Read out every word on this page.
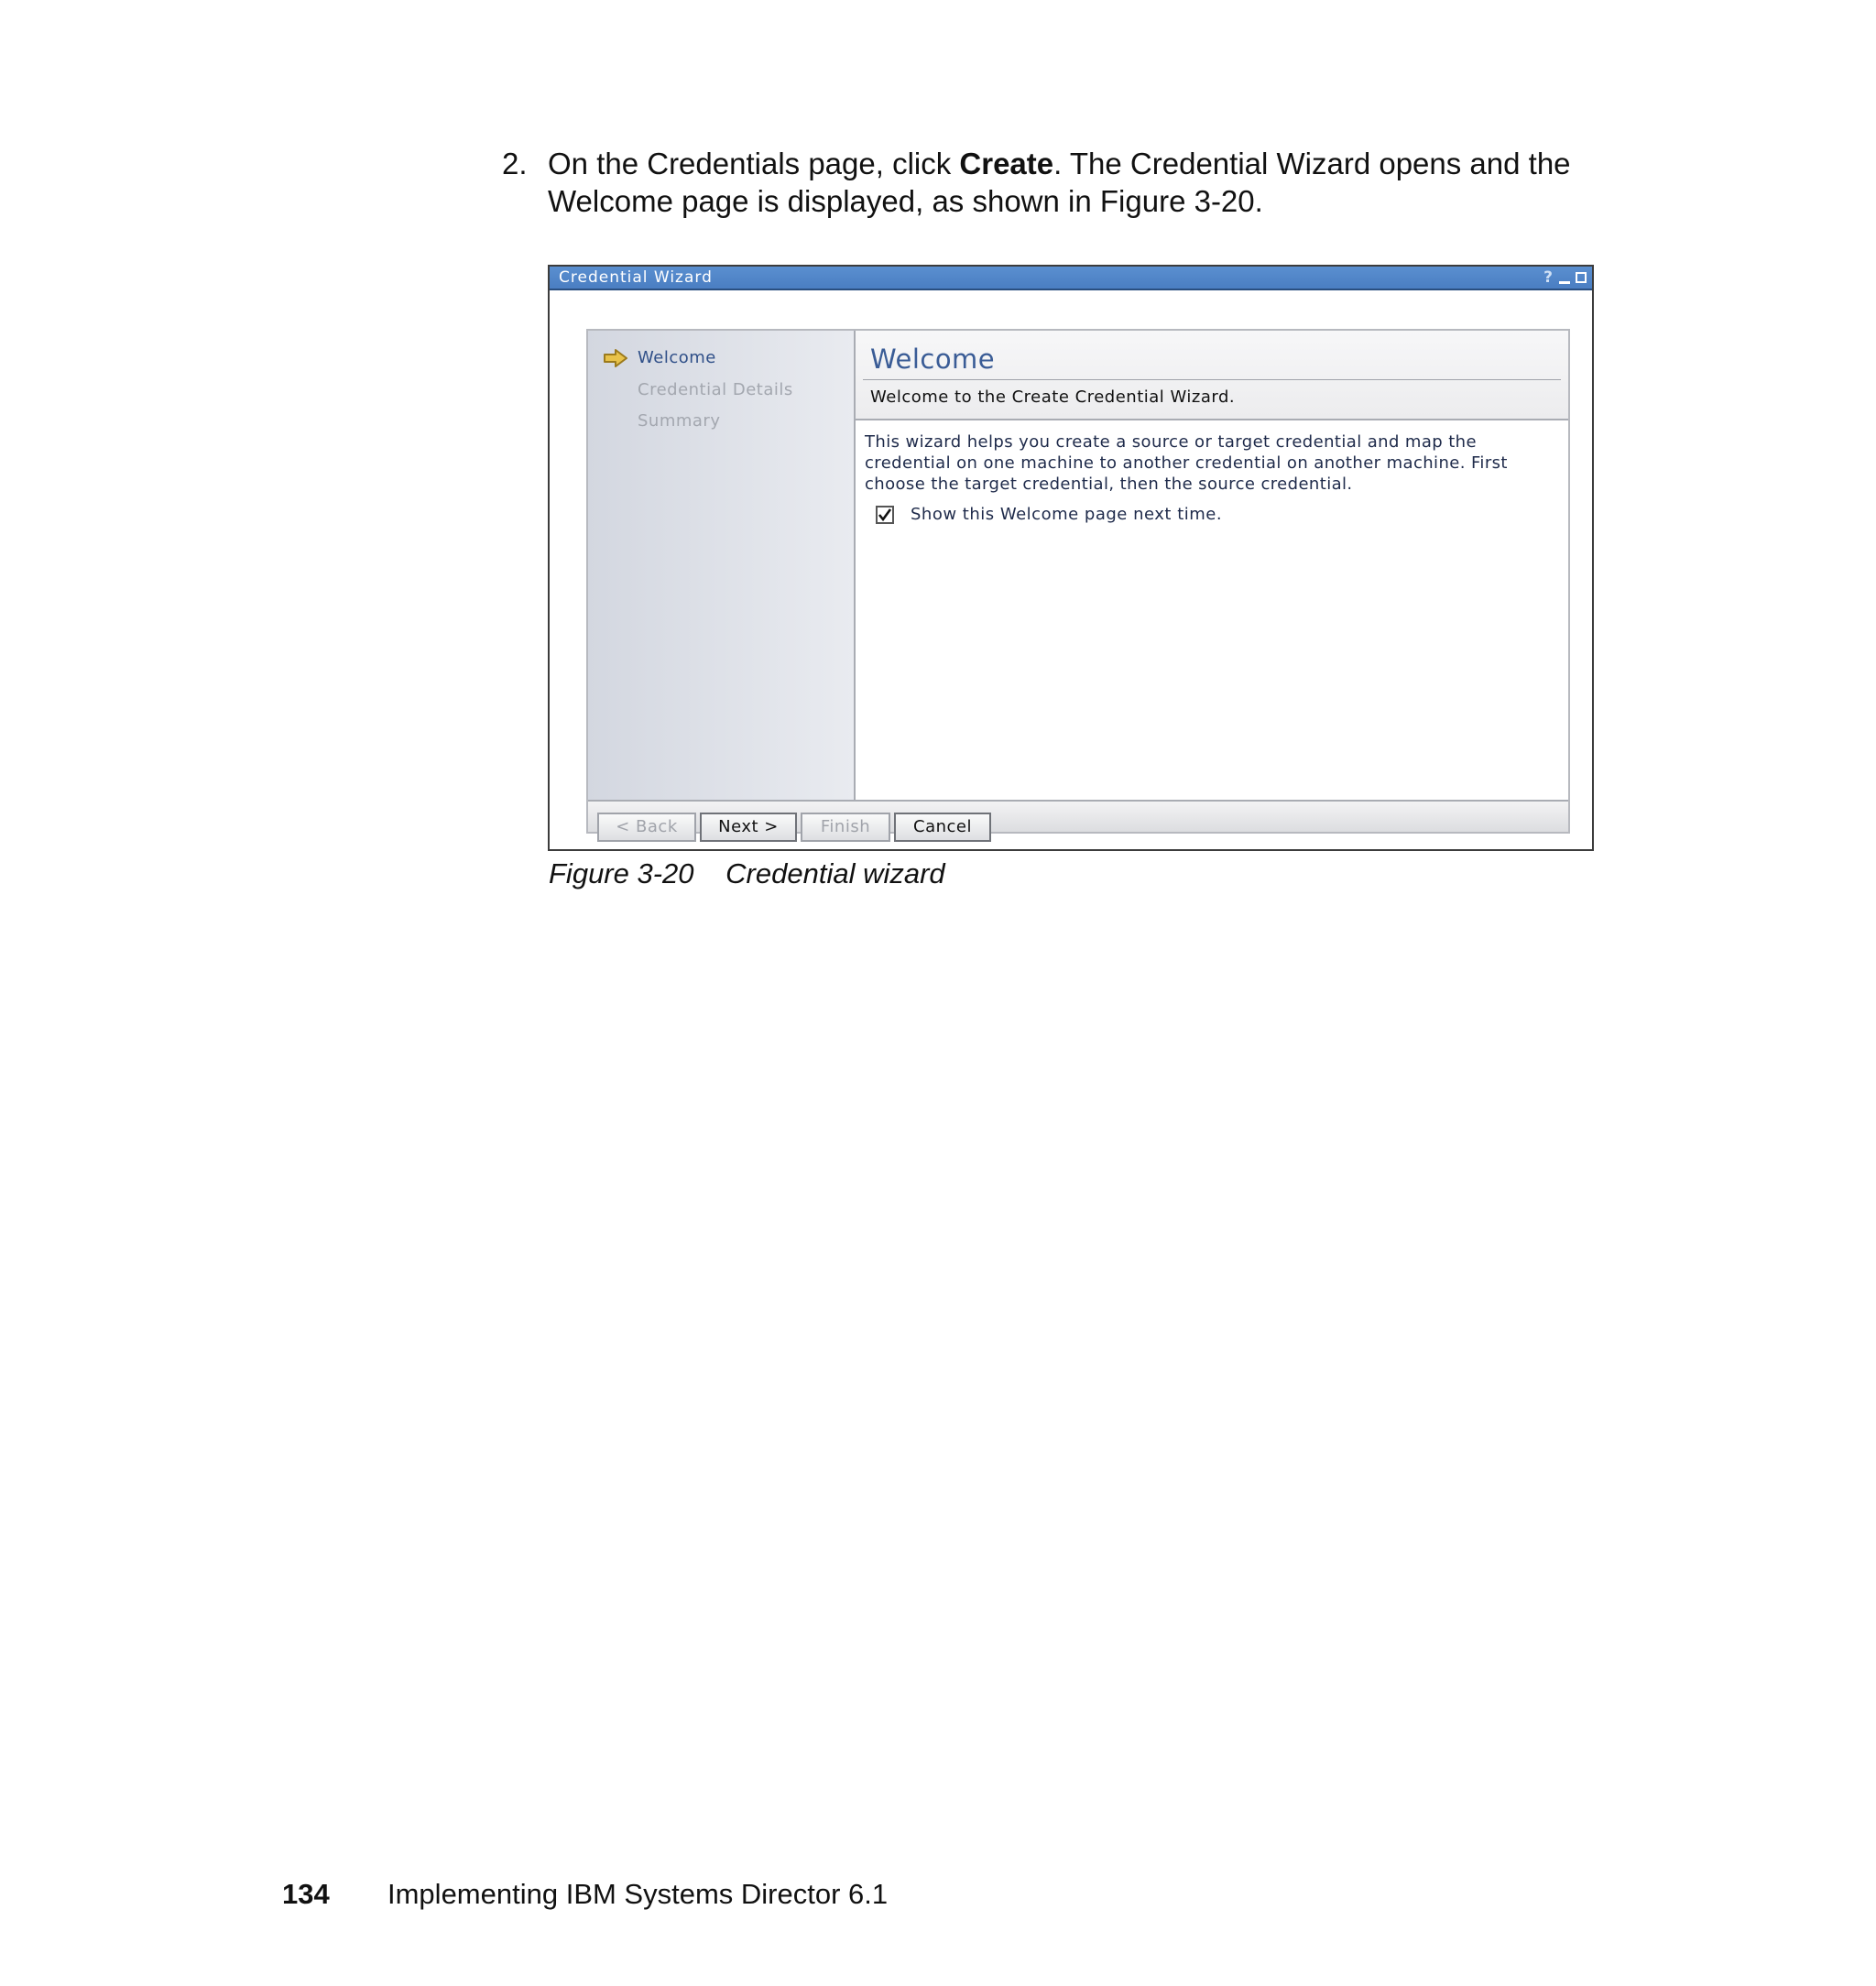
2. On the Credentials page, click Create. The Credential Wizard opens and the Welcome page is displayed, as shown in Figure 3-20.
Credential Wizard	?
Welcome
Credential Details
Summary
Welcome
Welcome to the Create Credential Wizard.
This wizard helps you create a source or target credential and map the credential on one machine to another credential on another machine. First choose the target credential, then the source credential.
Show this Welcome page next time.
< Back	Next >	Finish	Cancel
Figure 3-20 Credential wizard
134 Implementing IBM Systems Director 6.1
